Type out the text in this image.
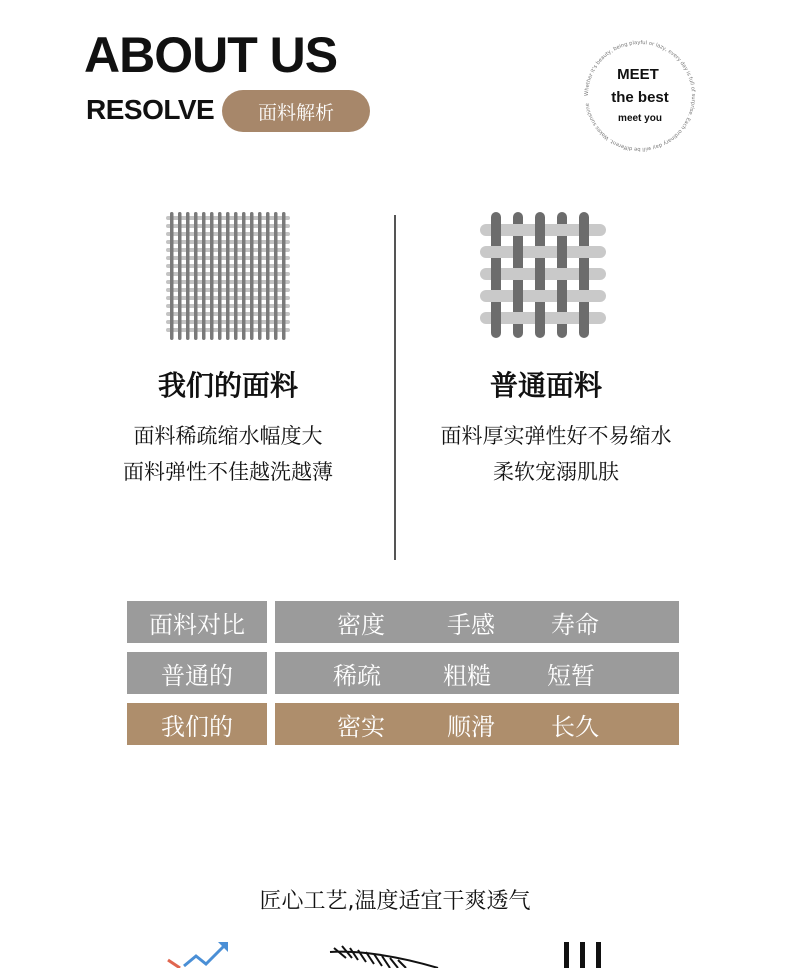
ABOUT US
RESOLVE	面料解析
Whether it's beauty, being playful or lazy, every day is full of surprise. Each ordinary day will be different. Wakes sunshine
MEET
the best
meet you
我们的面料
面料稀疏缩水幅度大
面料弹性不佳越洗越薄
普通面料
面料厚实弹性好不易缩水
柔软宠溺肌肤
面料对比	密度	手感	寿命
普通的	稀疏	粗糙	短暂
我们的	密实	顺滑	长久
匠心工艺,温度适宜干爽透气
